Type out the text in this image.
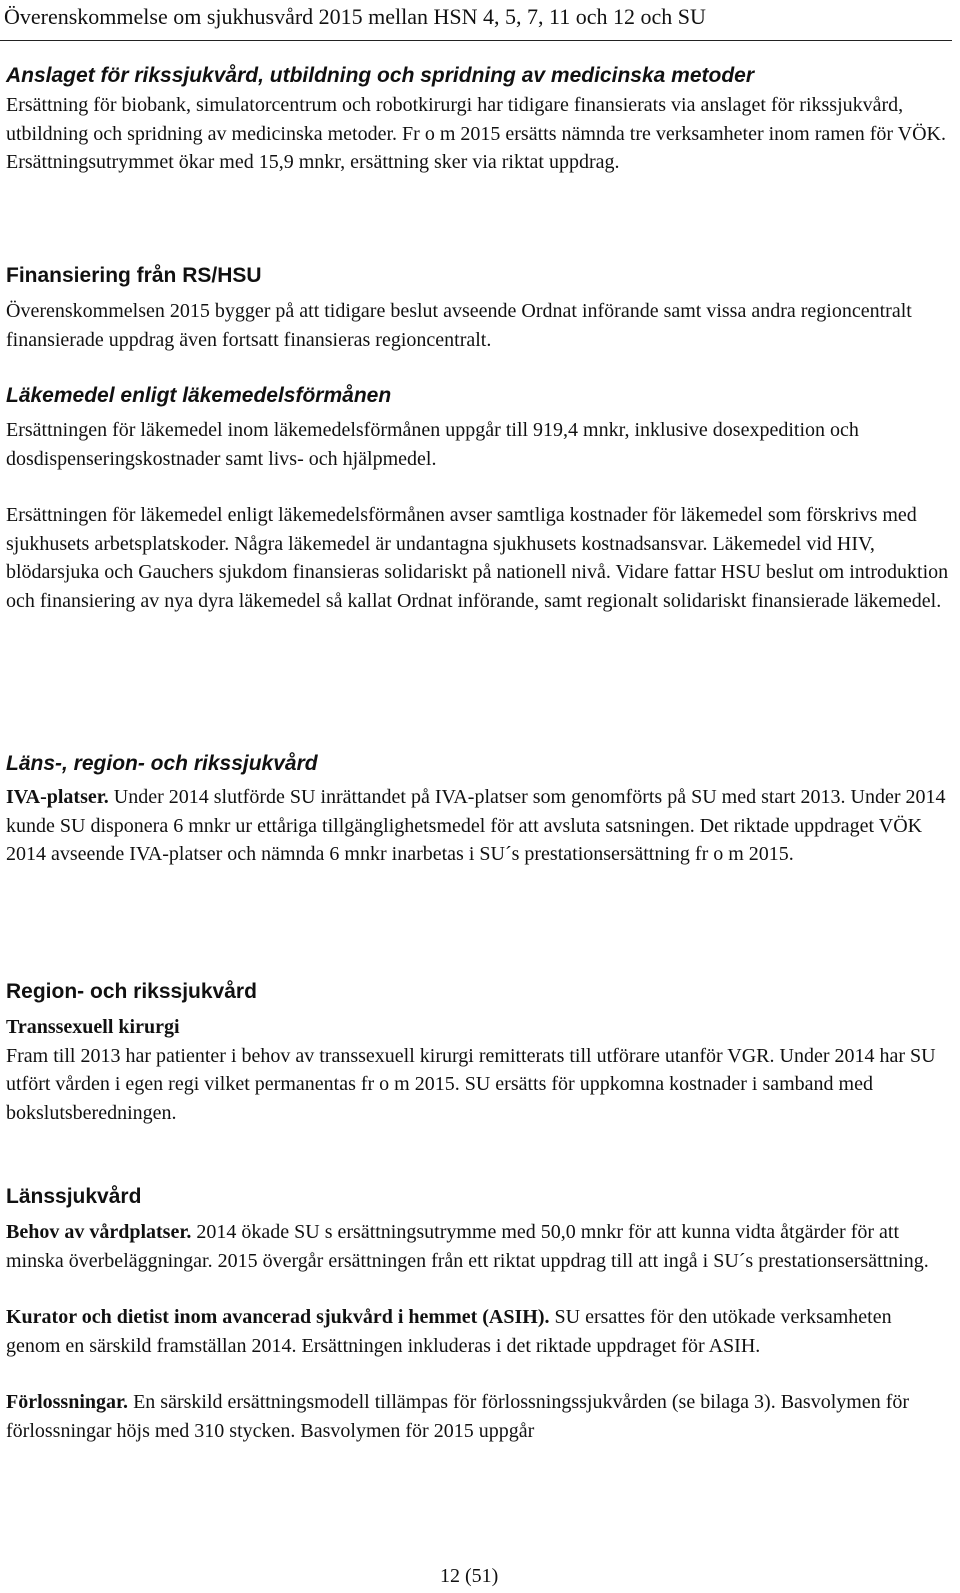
Överenskommelse om sjukhusvård 2015 mellan HSN 4, 5, 7, 11 och 12 och SU
Anslaget för rikssjukvård, utbildning och spridning av medicinska metoder

Ersättning för biobank, simulatorcentrum och robotkirurgi har tidigare finansierats via anslaget för rikssjukvård, utbildning och spridning av medicinska metoder. Fr o m 2015 ersätts nämnda tre verksamheter inom ramen för VÖK. Ersättningsutrymmet ökar med 15,9 mnkr, ersättning sker via riktat uppdrag.

Finansiering från RS/HSU

Överenskommelsen 2015 bygger på att tidigare beslut avseende Ordnat införande samt vissa andra regioncentralt finansierade uppdrag även fortsatt finansieras regioncentralt.

Läkemedel enligt läkemedelsförmånen

Ersättningen för läkemedel inom läkemedelsförmånen uppgår till 919,4 mnkr, inklusive dosexpedition och dosdispenseringskostnader samt livs- och hjälpmedel.

Ersättningen för läkemedel enligt läkemedelsförmånen avser samtliga kostnader för läkemedel som förskrivs med sjukhusets arbetsplatskoder. Några läkemedel är undantagna sjukhusets kostnadsansvar. Läkemedel vid HIV, blödarsjuka och Gauchers sjukdom finansieras solidariskt på nationell nivå. Vidare fattar HSU beslut om introduktion och finansiering av nya dyra läkemedel så kallat Ordnat införande, samt regionalt solidariskt finansierade läkemedel.

Läns-, region- och rikssjukvård

IVA-platser. Under 2014 slutförde SU inrättandet på IVA-platser som genomförts på SU med start 2013. Under 2014 kunde SU disponera 6 mnkr ur ettåriga tillgänglighetsmedel för att avsluta satsningen. Det riktade uppdraget VÖK 2014 avseende IVA-platser och nämnda 6 mnkr inarbetas i SU´s prestationsersättning fr o m 2015.

Region- och rikssjukvård
Transsexuell kirurgi

Fram till 2013 har patienter i behov av transsexuell kirurgi remitterats till utförare utanför VGR. Under 2014 har SU utfört vården i egen regi vilket permanentas fr o m 2015. SU ersätts för uppkomna kostnader i samband med bokslutsberedningen.

Länssjukvård

Behov av vårdplatser. 2014 ökade SU s ersättningsutrymme med 50,0 mnkr för att kunna vidta åtgärder för att minska överbeläggningar. 2015 övergår ersättningen från ett riktat uppdrag till att ingå i SU´s prestationsersättning.

Kurator och dietist inom avancerad sjukvård i hemmet (ASIH). SU ersattes för den utökade verksamheten genom en särskild framställan 2014. Ersättningen inkluderas i det riktade uppdraget för ASIH.

Förlossningar. En särskild ersättningsmodell tillämpas för förlossningssjukvården (se bilaga 3). Basvolymen för förlossningar höjs med 310 stycken. Basvolymen för 2015 uppgår

12 (51)
